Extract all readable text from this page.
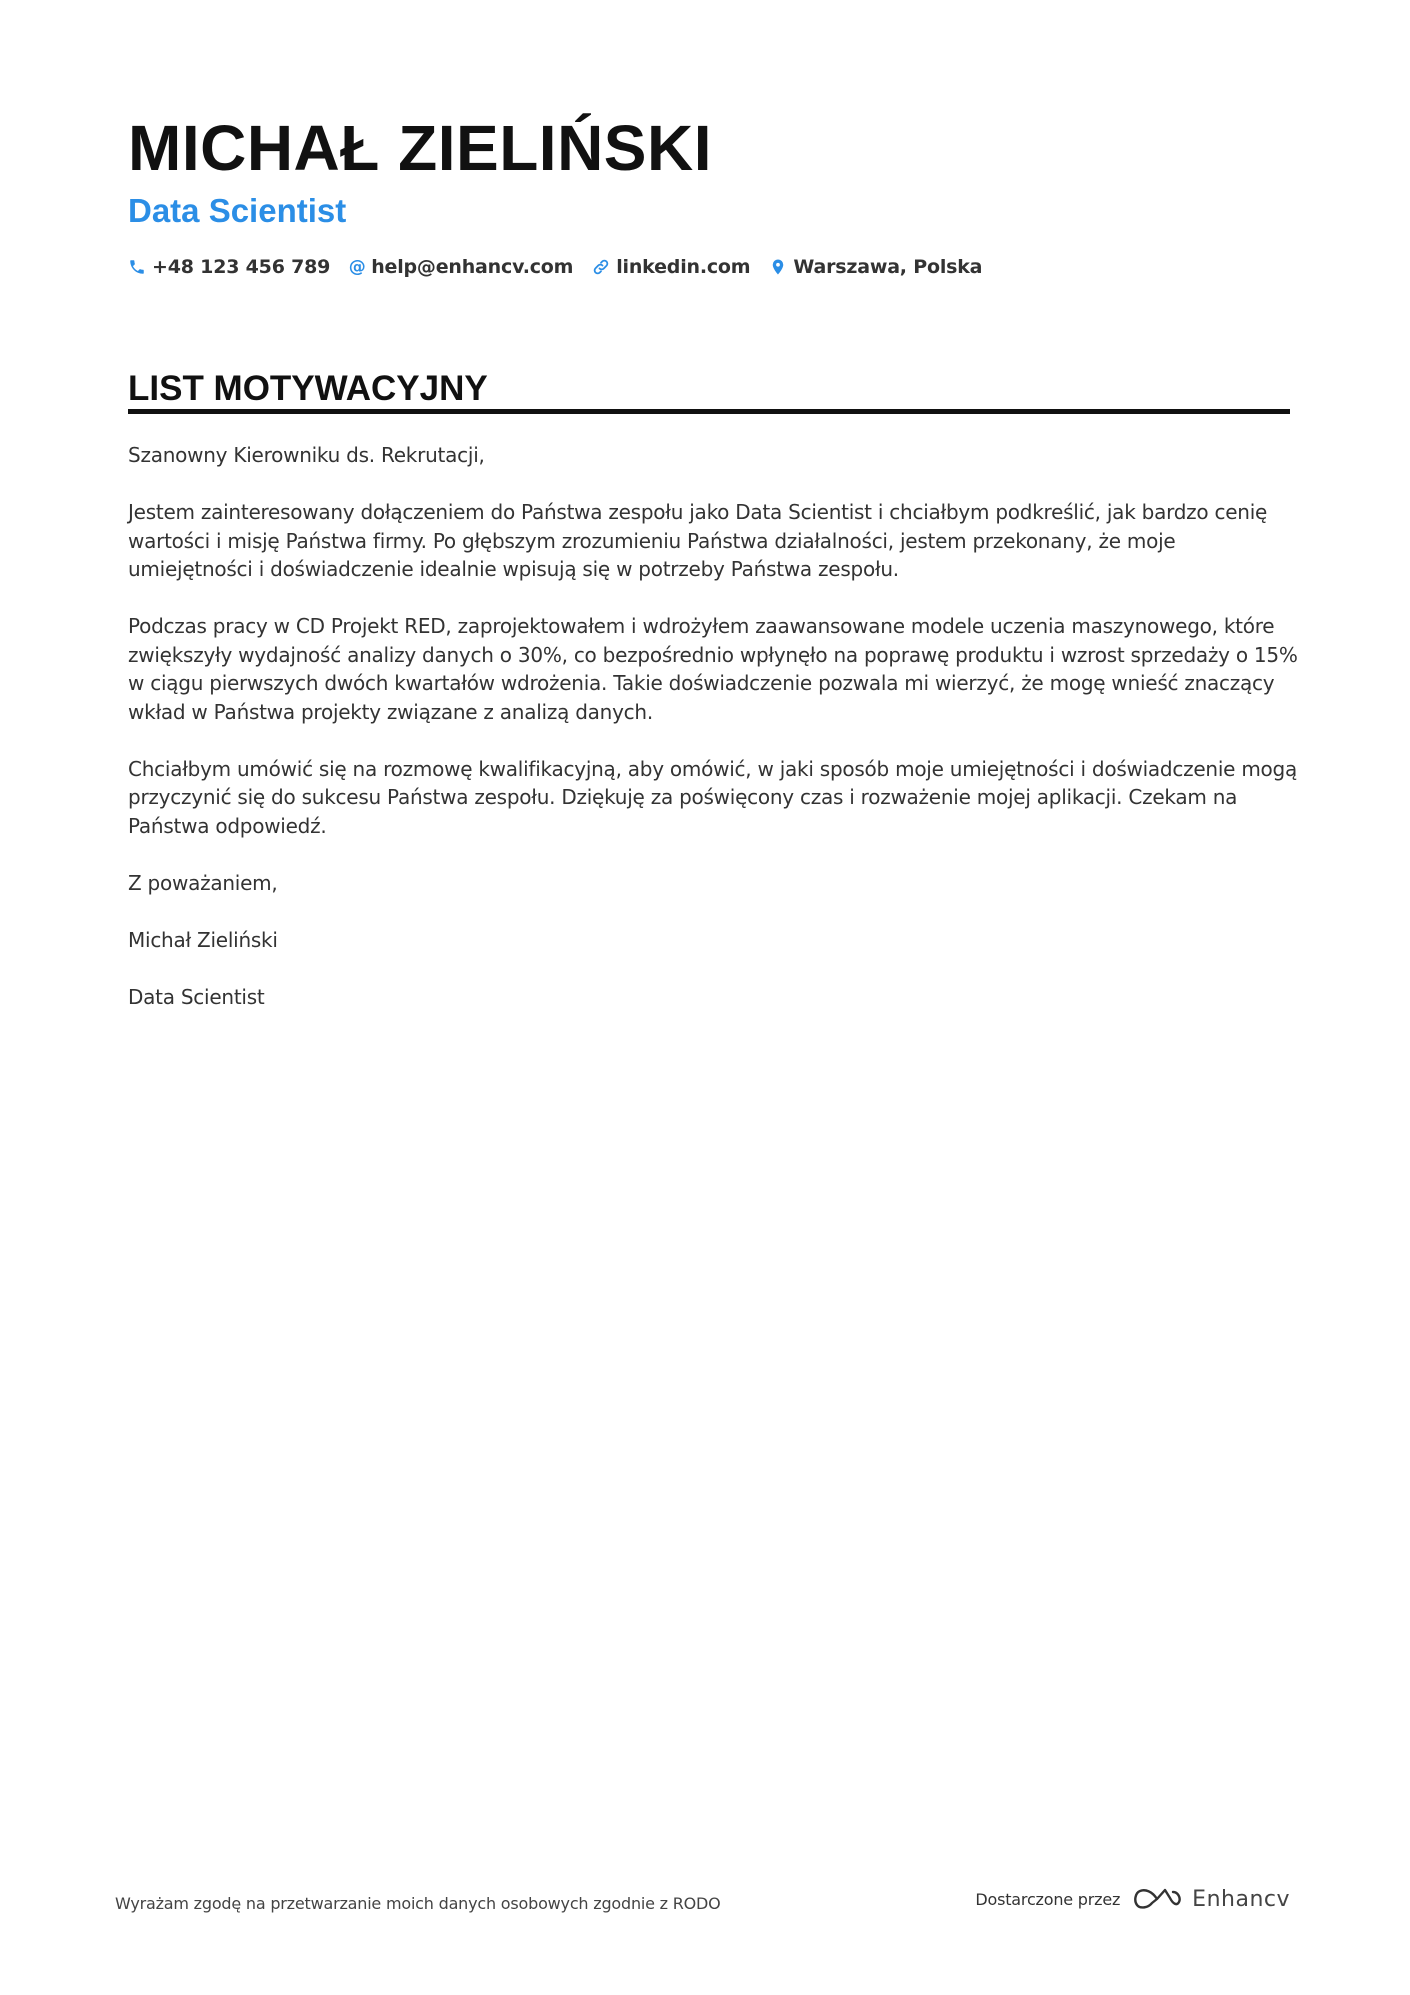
MICHAŁ ZIELIŃSKI
Data Scientist
+48 123 456 789 @ help@enhancv.com linkedin.com Warszawa, Polska
LIST MOTYWACYJNY

Szanowny Kierowniku ds. Rekrutacji,

Jestem zainteresowany dołączeniem do Państwa zespołu jako Data Scientist i chciałbym podkreślić, jak bardzo cenię wartości i misję Państwa firmy. Po głębszym zrozumieniu Państwa działalności, jestem przekonany, że moje umiejętności i doświadczenie idealnie wpisują się w potrzeby Państwa zespołu.

Podczas pracy w CD Projekt RED, zaprojektowałem i wdrożyłem zaawansowane modele uczenia maszynowego, które zwiększyły wydajność analizy danych o 30%, co bezpośrednio wpłynęło na poprawę produktu i wzrost sprzedaży o 15% w ciągu pierwszych dwóch kwartałów wdrożenia. Takie doświadczenie pozwala mi wierzyć, że mogę wnieść znaczący wkład w Państwa projekty związane z analizą danych.

Chciałbym umówić się na rozmowę kwalifikacyjną, aby omówić, w jaki sposób moje umiejętności i doświadczenie mogą przyczynić się do sukcesu Państwa zespołu. Dziękuję za poświęcony czas i rozważenie mojej aplikacji. Czekam na Państwa odpowiedź.

Z poważaniem,

Michał Zieliński

Data Scientist

Wyrażam zgodę na przetwarzanie moich danych osobowych zgodnie z RODO	Dostarczone przez	Enhancv
